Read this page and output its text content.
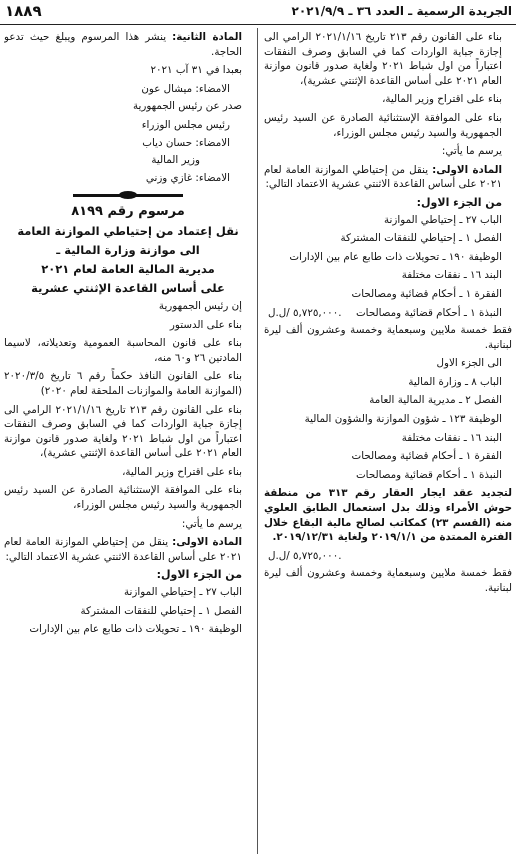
الجريدة الرسمية ـ العدد ٣٦ ـ ٢٠٢١/٩/٩
١٨٨٩

بناء على القانون رقم ٢١٣ تاريخ ٢٠٢١/١/١٦ الرامي الى إجازة جباية الواردات كما في السابق وصرف النفقات اعتباراً من اول شباط ٢٠٢١ ولغاية صدور قانون موازنة العام ٢٠٢١ على أساس القاعدة الإثنتي عشرية)،

بناء على اقتراح وزير المالية،

بناء على الموافقة الإستثنائية الصادرة عن السيد رئيس الجمهورية والسيد رئيس مجلس الوزراء،

يرسم ما يأتي:

المادة الاولى: ينقل من إحتياطي الموازنة العامة لعام ٢٠٢١ على أساس القاعدة الاثنتي عشرية الاعتماد التالي:

من الجزء الاول:

الباب ٢٧ ـ إحتياطي الموازنة

الفصل ١ ـ إحتياطي للنفقات المشتركة

الوظيفة ١٩٠ ـ تحويلات ذات طابع عام بين الإدارات

البند ١٦ ـ نفقات مختلفة

الفقرة ١ ـ أحكام قضائية ومصالحات

النبذة ١ ـ أحكام قضائية ومصالحات
٥,٧٢٥,٠٠٠ /ل.ل.

فقط خمسة ملايين وسبعماية وخمسة وعشرون ألف ليرة لبنانية.

الى الجزء الاول

الباب ٨ ـ وزارة المالية

الفصل ٢ ـ مديرية المالية العامة

الوظيفة ١٢٣ ـ شؤون الموازنة والشؤون المالية

البند ١٦ ـ نفقات مختلفة

الفقرة ١ ـ أحكام قضائية ومصالحات

النبذة ١ ـ أحكام قضائية ومصالحات

لتجديد عقد ايجار العقار رقم ٣١٣ من منطقة حوش الأمراء وذلك بدل استعمال الطابق العلوي منه (القسم ٢٣) كمكاتب لصالح مالية البقاع خلال الفترة الممتدة من ٢٠١٩/١/١ ولغاية ٢٠١٩/١٢/٣١.

٥,٧٢٥,٠٠٠ /ل.ل.

فقط خمسة ملايين وسبعماية وخمسة وعشرون ألف ليرة لبنانية.

المادة الثانية: ينشر هذا المرسوم ويبلغ حيث تدعو الحاجة.

بعبدا في ٣١ آب ٢٠٢١

الامضاء: ميشال عون

صدر عن رئيس الجمهورية

رئيس مجلس الوزراء

الامضاء: حسان دياب

وزير المالية

الامضاء: غازي وزني

مرسوم رقم ٨١٩٩

نقل إعتماد من إحتياطي الموازنة العامة

الى موازنة وزارة المالية ـ

مديرية المالية العامة لعام ٢٠٢١

على أساس القاعدة الإثنتي عشرية

إن رئيس الجمهورية

بناء على الدستور

بناء على قانون المحاسبة العمومية وتعديلاته، لاسيما المادتين ٢٦ و٦٠ منه،

بناء على القانون النافذ حكماً رقم ٦ تاريخ ٢٠٢٠/٣/٥ (الموازنة العامة والموازنات الملحقة لعام ٢٠٢٠)

بناء على القانون رقم ٢١٣ تاريخ ٢٠٢١/١/١٦ الرامي الى إجازة جباية الواردات كما في السابق وصرف النفقات اعتباراً من اول شباط ٢٠٢١ ولغاية صدور قانون موازنة العام ٢٠٢١ على أساس القاعدة الإثنتي عشرية)،

بناء على اقتراح وزير المالية،

بناء على الموافقة الإستثنائية الصادرة عن السيد رئيس الجمهورية والسيد رئيس مجلس الوزراء،

يرسم ما يأتي:

المادة الاولى: ينقل من إحتياطي الموازنة العامة لعام ٢٠٢١ على أساس القاعدة الاثنتي عشرية الاعتماد التالي:

من الجزء الاول:

الباب ٢٧ ـ إحتياطي الموازنة

الفصل ١ ـ إحتياطي للنفقات المشتركة

الوظيفة ١٩٠ ـ تحويلات ذات طابع عام بين الإدارات
